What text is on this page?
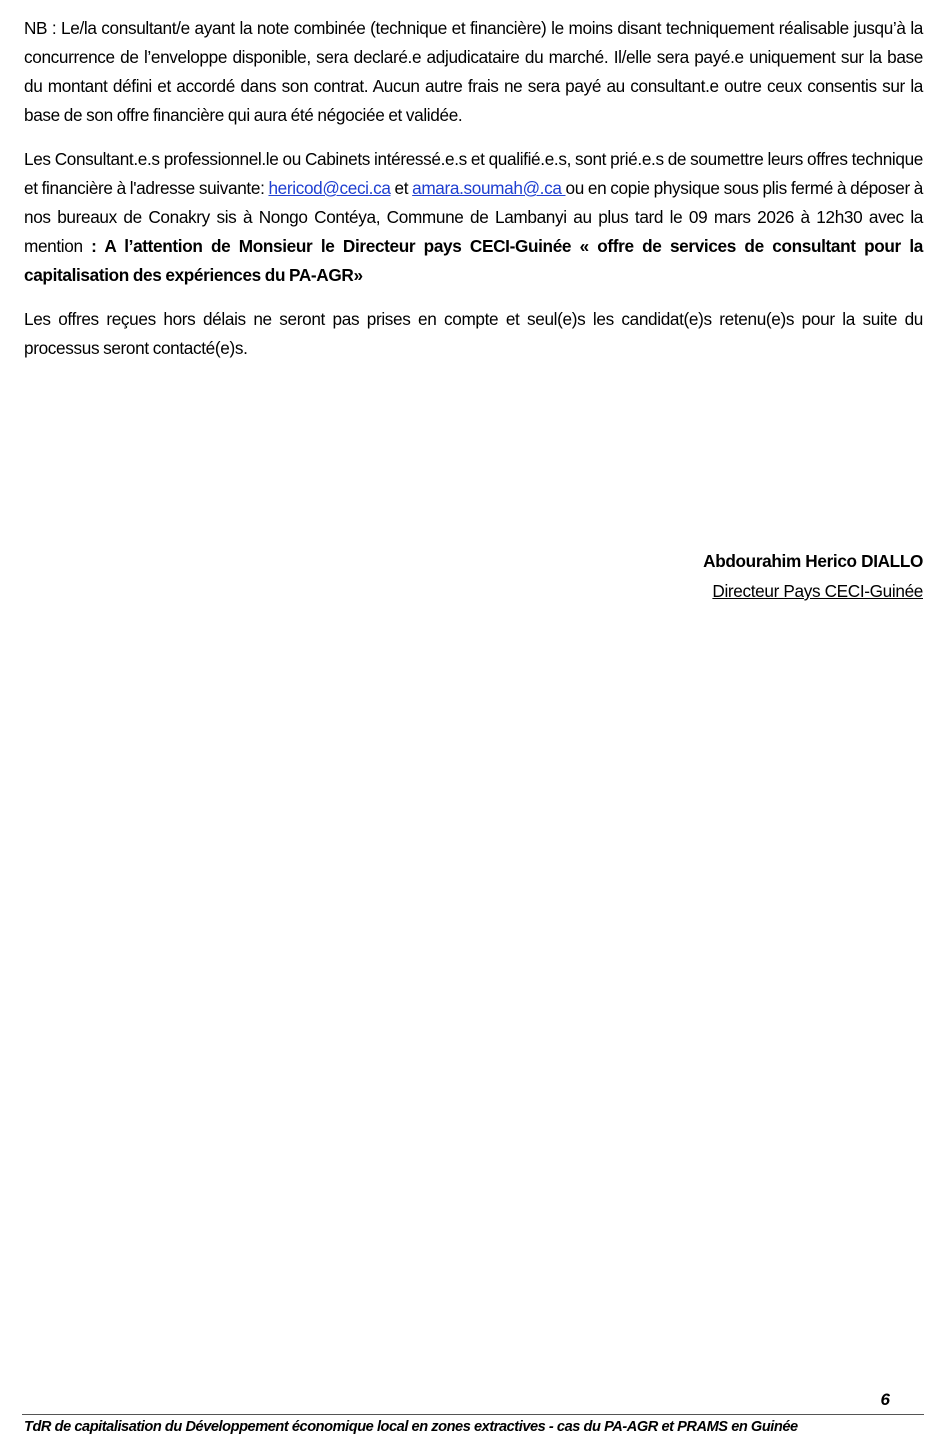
NB : Le/la consultant/e ayant la note combinée (technique et financière) le moins disant techniquement réalisable jusqu’à la concurrence de l’enveloppe disponible, sera declaré.e adjudicataire du marché. Il/elle sera payé.e uniquement sur la base du montant défini et accordé dans son contrat. Aucun autre frais ne sera payé au consultant.e outre ceux consentis sur la base de son offre financière qui aura été négociée et validée.

Les Consultant.e.s professionnel.le ou Cabinets intéressé.e.s et qualifié.e.s, sont prié.e.s de soumettre leurs offres technique et financière à l'adresse suivante: hericod@ceci.ca et amara.soumah@.ca ou en copie physique sous plis fermé à déposer à nos bureaux de Conakry sis à Nongo Contéya, Commune de Lambanyi au plus tard le 09 mars 2026 à 12h30 avec la mention : A l’attention de Monsieur le Directeur pays CECI-Guinée « offre de services de consultant pour la capitalisation des expériences du PA-AGR»

Les offres reçues hors délais ne seront pas prises en compte et seul(e)s les candidat(e)s retenu(e)s pour la suite du processus seront contacté(e)s.

Abdourahim Herico DIALLO
Directeur Pays CECI-Guinée
6
TdR de capitalisation du Développement économique local en zones extractives - cas du PA-AGR et PRAMS en Guinée
